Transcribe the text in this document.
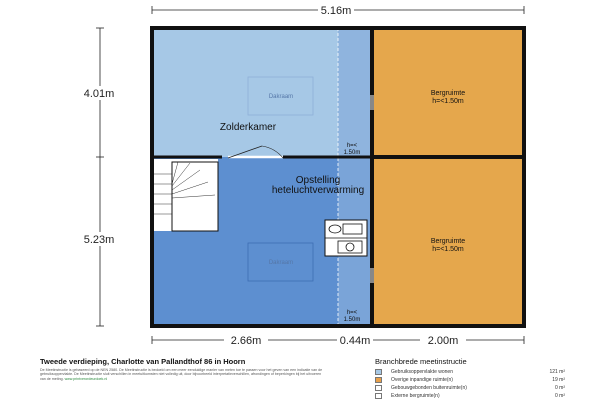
5.16m
4.01m
5.23m
Dakraam
Dakraam
Zolderkamer
Opstelling
heteluchtverwarming
Bergruimte
h=<1.50m
Bergruimte
h=<1.50m
h=<
1.50m
h=<
1.50m
2.66m	0.44m	2.00m
Tweede verdieping, Charlotte van Pallandthof 86 in Hoorn
De Meetinstructie is gebaseerd op de NEN 2580. De Meetinstructie is bedoeld om een meer eenduidige manier van meten toe te passen voor het geven van een indicatie van de gebruiksoppervlakte. De Meetinstructie sluit verschillen in meetuitkomsten niet volledig uit, door bijvoorbeeld interpretatieverschillen, afrondingen of beperkingen bij het uitvoeren van de meting. www.printverordeurdoek.nl
Branchbrede meetinstructie
Gebruiksoppervlakte wonen	121 m²
Overige inpandige ruimte(n)	19 m²
Gebouwgebonden buitenruimte(n)	0 m²
Externe bergruimte(n)	0 m²
